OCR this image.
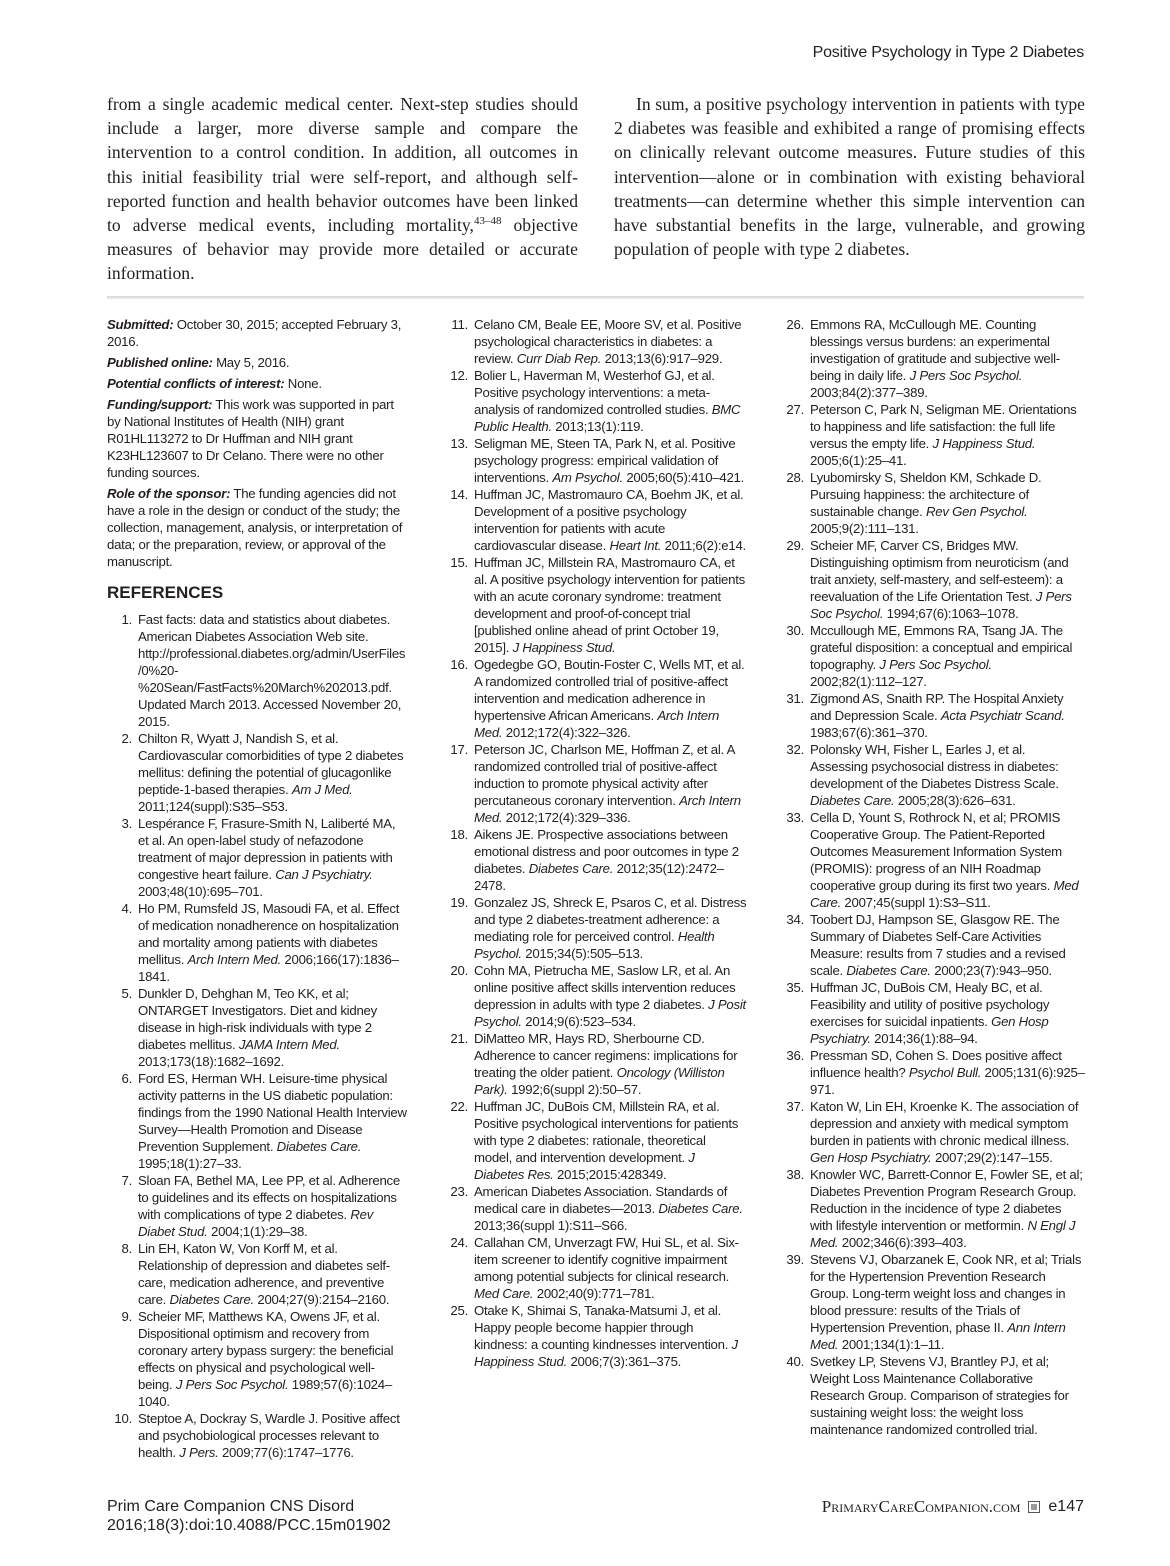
Positive Psychology in Type 2 Diabetes

from a single academic medical center. Next-step studies should include a larger, more diverse sample and compare the intervention to a control condition. In addition, all outcomes in this initial feasibility trial were self-report, and although self-reported function and health behavior outcomes have been linked to adverse medical events, including mortality,$^{43-48}$ objective measures of behavior may provide more detailed or accurate information.

In sum, a positive psychology intervention in patients with type 2 diabetes was feasible and exhibited a range of promising effects on clinically relevant outcome measures. Future studies of this intervention—alone or in combination with existing behavioral treatments—can determine whether this simple intervention can have substantial benefits in the large, vulnerable, and growing population of people with type 2 diabetes.

Submitted: October 30, 2015; accepted February 3, 2016.

Published online: May 5, 2016.

Potential conflicts of interest: None.

Funding/support: This work was supported in part by National Institutes of Health (NIH) grant R01HL113272 to Dr Huffman and NIH grant K23HL123607 to Dr Celano. There were no other funding sources.

Role of the sponsor: The funding agencies did not have a role in the design or conduct of the study; the collection, management, analysis, or interpretation of data; or the preparation, review, or approval of the manuscript.

REFERENCES
1. Fast facts: data and statistics about diabetes. American Diabetes Association Web site. http://professional.diabetes.org/admin/UserFiles/0%20-%20Sean/FastFacts%20March%202013.pdf. Updated March 2013. Accessed November 20, 2015.
2. Chilton R, Wyatt J, Nandish S, et al. Cardiovascular comorbidities of type 2 diabetes mellitus: defining the potential of glucagonlike peptide-1-based therapies. Am J Med. 2011;124(suppl):S35–S53.
3. Lespérance F, Frasure-Smith N, Laliberté MA, et al. An open-label study of nefazodone treatment of major depression in patients with congestive heart failure. Can J Psychiatry. 2003;48(10):695–701.
4. Ho PM, Rumsfeld JS, Masoudi FA, et al. Effect of medication nonadherence on hospitalization and mortality among patients with diabetes mellitus. Arch Intern Med. 2006;166(17):1836–1841.
5. Dunkler D, Dehghan M, Teo KK, et al; ONTARGET Investigators. Diet and kidney disease in high-risk individuals with type 2 diabetes mellitus. JAMA Intern Med. 2013;173(18):1682–1692.
6. Ford ES, Herman WH. Leisure-time physical activity patterns in the US diabetic population: findings from the 1990 National Health Interview Survey—Health Promotion and Disease Prevention Supplement. Diabetes Care. 1995;18(1):27–33.
7. Sloan FA, Bethel MA, Lee PP, et al. Adherence to guidelines and its effects on hospitalizations with complications of type 2 diabetes. Rev Diabet Stud. 2004;1(1):29–38.
8. Lin EH, Katon W, Von Korff M, et al. Relationship of depression and diabetes self-care, medication adherence, and preventive care. Diabetes Care. 2004;27(9):2154–2160.
9. Scheier MF, Matthews KA, Owens JF, et al. Dispositional optimism and recovery from coronary artery bypass surgery: the beneficial effects on physical and psychological well-being. J Pers Soc Psychol. 1989;57(6):1024–1040.
10. Steptoe A, Dockray S, Wardle J. Positive affect and psychobiological processes relevant to health. J Pers. 2009;77(6):1747–1776.
11. Celano CM, Beale EE, Moore SV, et al. Positive psychological characteristics in diabetes: a review. Curr Diab Rep. 2013;13(6):917–929.
12. Bolier L, Haverman M, Westerhof GJ, et al. Positive psychology interventions: a meta-analysis of randomized controlled studies. BMC Public Health. 2013;13(1):119.
13. Seligman ME, Steen TA, Park N, et al. Positive psychology progress: empirical validation of interventions. Am Psychol. 2005;60(5):410–421.
14. Huffman JC, Mastromauro CA, Boehm JK, et al. Development of a positive psychology intervention for patients with acute cardiovascular disease. Heart Int. 2011;6(2):e14.
15. Huffman JC, Millstein RA, Mastromauro CA, et al. A positive psychology intervention for patients with an acute coronary syndrome: treatment development and proof-of-concept trial [published online ahead of print October 19, 2015]. J Happiness Stud.
16. Ogedegbe GO, Boutin-Foster C, Wells MT, et al. A randomized controlled trial of positive-affect intervention and medication adherence in hypertensive African Americans. Arch Intern Med. 2012;172(4):322–326.
17. Peterson JC, Charlson ME, Hoffman Z, et al. A randomized controlled trial of positive-affect induction to promote physical activity after percutaneous coronary intervention. Arch Intern Med. 2012;172(4):329–336.
18. Aikens JE. Prospective associations between emotional distress and poor outcomes in type 2 diabetes. Diabetes Care. 2012;35(12):2472–2478.
19. Gonzalez JS, Shreck E, Psaros C, et al. Distress and type 2 diabetes-treatment adherence: a mediating role for perceived control. Health Psychol. 2015;34(5):505–513.
20. Cohn MA, Pietrucha ME, Saslow LR, et al. An online positive affect skills intervention reduces depression in adults with type 2 diabetes. J Posit Psychol. 2014;9(6):523–534.
21. DiMatteo MR, Hays RD, Sherbourne CD. Adherence to cancer regimens: implications for treating the older patient. Oncology (Williston Park). 1992;6(suppl 2):50–57.
22. Huffman JC, DuBois CM, Millstein RA, et al. Positive psychological interventions for patients with type 2 diabetes: rationale, theoretical model, and intervention development. J Diabetes Res. 2015;2015:428349.
23. American Diabetes Association. Standards of medical care in diabetes—2013. Diabetes Care. 2013;36(suppl 1):S11–S66.
24. Callahan CM, Unverzagt FW, Hui SL, et al. Six-item screener to identify cognitive impairment among potential subjects for clinical research. Med Care. 2002;40(9):771–781.
25. Otake K, Shimai S, Tanaka-Matsumi J, et al. Happy people become happier through kindness: a counting kindnesses intervention. J Happiness Stud. 2006;7(3):361–375.
26. Emmons RA, McCullough ME. Counting blessings versus burdens: an experimental investigation of gratitude and subjective well-being in daily life. J Pers Soc Psychol. 2003;84(2):377–389.
27. Peterson C, Park N, Seligman ME. Orientations to happiness and life satisfaction: the full life versus the empty life. J Happiness Stud. 2005;6(1):25–41.
28. Lyubomirsky S, Sheldon KM, Schkade D. Pursuing happiness: the architecture of sustainable change. Rev Gen Psychol. 2005;9(2):111–131.
29. Scheier MF, Carver CS, Bridges MW. Distinguishing optimism from neuroticism (and trait anxiety, self-mastery, and self-esteem): a reevaluation of the Life Orientation Test. J Pers Soc Psychol. 1994;67(6):1063–1078.
30. Mccullough ME, Emmons RA, Tsang JA. The grateful disposition: a conceptual and empirical topography. J Pers Soc Psychol. 2002;82(1):112–127.
31. Zigmond AS, Snaith RP. The Hospital Anxiety and Depression Scale. Acta Psychiatr Scand. 1983;67(6):361–370.
32. Polonsky WH, Fisher L, Earles J, et al. Assessing psychosocial distress in diabetes: development of the Diabetes Distress Scale. Diabetes Care. 2005;28(3):626–631.
33. Cella D, Yount S, Rothrock N, et al; PROMIS Cooperative Group. The Patient-Reported Outcomes Measurement Information System (PROMIS): progress of an NIH Roadmap cooperative group during its first two years. Med Care. 2007;45(suppl 1):S3–S11.
34. Toobert DJ, Hampson SE, Glasgow RE. The Summary of Diabetes Self-Care Activities Measure: results from 7 studies and a revised scale. Diabetes Care. 2000;23(7):943–950.
35. Huffman JC, DuBois CM, Healy BC, et al. Feasibility and utility of positive psychology exercises for suicidal inpatients. Gen Hosp Psychiatry. 2014;36(1):88–94.
36. Pressman SD, Cohen S. Does positive affect influence health? Psychol Bull. 2005;131(6):925–971.
37. Katon W, Lin EH, Kroenke K. The association of depression and anxiety with medical symptom burden in patients with chronic medical illness. Gen Hosp Psychiatry. 2007;29(2):147–155.
38. Knowler WC, Barrett-Connor E, Fowler SE, et al; Diabetes Prevention Program Research Group. Reduction in the incidence of type 2 diabetes with lifestyle intervention or metformin. N Engl J Med. 2002;346(6):393–403.
39. Stevens VJ, Obarzanek E, Cook NR, et al; Trials for the Hypertension Prevention Research Group. Long-term weight loss and changes in blood pressure: results of the Trials of Hypertension Prevention, phase II. Ann Intern Med. 2001;134(1):1–11.
40. Svetkey LP, Stevens VJ, Brantley PJ, et al; Weight Loss Maintenance Collaborative Research Group. Comparison of strategies for sustaining weight loss: the weight loss maintenance randomized controlled trial.
Prim Care Companion CNS Disord
2016;18(3):doi:10.4088/PCC.15m01902
PrimaryCareCompanion.com e147
